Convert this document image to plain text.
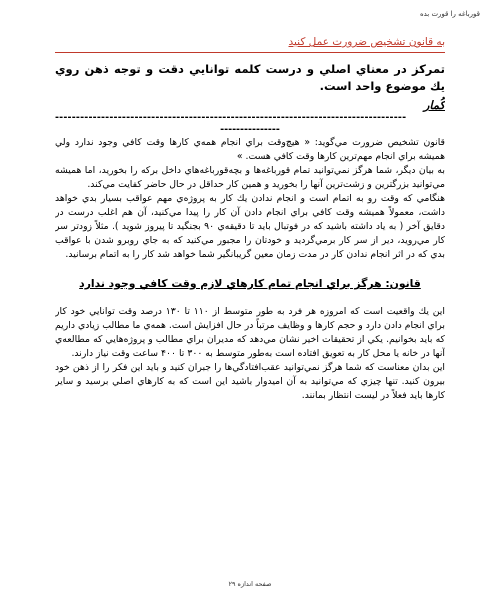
قورباغه را قورت بده
به قانون تشخيص ضرورت عمل کنيد
تمرکز در معناي اصلي و درست کلمه توانايي دقت و توجه ذهن روي يك موضوع واحد است.
کُمار
------------------------------------------------------------------------------------
---------------

قانون تشخيص ضرورت مي‌گويد: « هيچ‌وقت براي انجام همه‌ي کارها وقت کافي وجود ندارد ولي هميشه براي انجام مهم‌ترين کارها وقت کافي هست. »

به بيان ديگر، شما هرگز نمي‌توانيد تمام قورباغه‌ها و بچه‌قورباغه‌هاي داخل برکه را بخوريد، اما هميشه مي‌توانيد بزرگترين و زشت‌ترين آنها را بخوريد و همين کار حداقل در حال حاضر کفايت مي‌کند.

هنگامي که وقت رو به اتمام است و انجام ندادن يك كار به پروژه‌ي مهم عواقب بسيار بدي خواهد داشت، معمولاً هميشه وقت کافي براي انجام دادن آن کار را پيدا مي‌کنيد، آن هم اغلب درست در دقايق آخر ( به ياد داشته باشيد که در فوتبال بايد تا دقيقه‌ي ۹۰ بجنگيد تا پيروز شويد ). مثلاً زودتر سر کار مي‌رويد، دير از سر کار برمي‌گرديد و خودتان را مجبور مي‌کنيد که به جاي روبرو شدن با عواقب بدي که در اثر انجام ندادن کار در مدت زمان معين گريبانگير شما خواهد شد کار را به اتمام برسانيد.

قانون: هرگز براي انجام تمام کارهاي لازم وقت کافي وجود ندارد

اين يك واقعيت است که امروزه هر فرد به طور متوسط از ۱۱۰ تا ۱۳۰ درصد وقت توانايي خود کار براي انجام دادن دارد و حجم کارها و وظايف مرتباً در حال افزايش است. همه‌ي ما مطالب زيادي داريم که بايد بخوانيم. يکي از تحقيقات اخير نشان مي‌دهد که مديران براي مطالب و پروژه‌هايي که مطالعه‌ي آنها در خانه يا محل کار به تعويق افتاده است به‌طور متوسط به ۳۰۰ تا ۴۰۰ ساعت وقت نياز دارند.

اين بدان معناست که شما هرگز نمي‌توانيد عقب‌افتادگي‌ها را جبران کنيد و بايد اين فکر را از ذهن خود بيرون کنيد. تنها چيزي که مي‌توانيد به آن اميدوار باشيد اين است که به کارهاي اصلي برسيد و ساير کارها بايد فعلاً در ليست انتظار بمانند.

صفحه اندازه ۲۹
